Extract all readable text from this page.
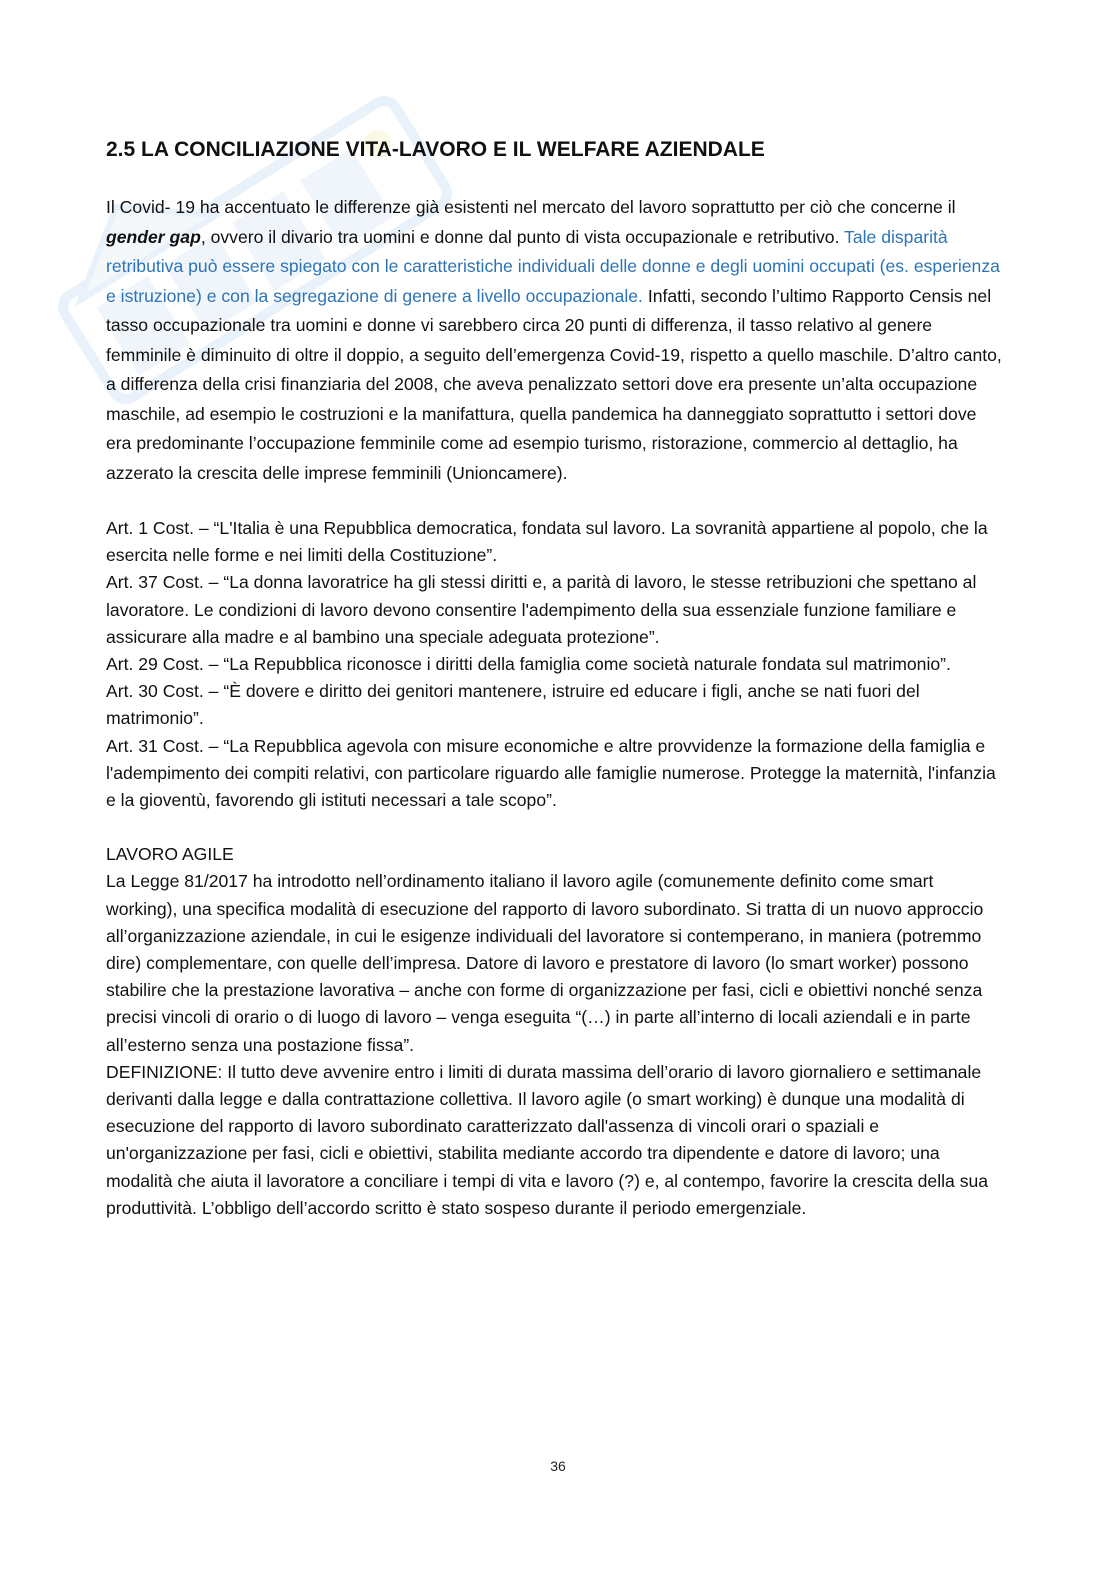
2.5 LA CONCILIAZIONE VITA-LAVORO E IL WELFARE AZIENDALE

Il Covid- 19 ha accentuato le differenze già esistenti nel mercato del lavoro soprattutto per ciò che concerne il gender gap, ovvero il divario tra uomini e donne dal punto di vista occupazionale e retributivo. Tale disparità retributiva può essere spiegato con le caratteristiche individuali delle donne e degli uomini occupati (es. esperienza e istruzione) e con la segregazione di genere a livello occupazionale. Infatti, secondo l’ultimo Rapporto Censis nel tasso occupazionale tra uomini e donne vi sarebbero circa 20 punti di differenza, il tasso relativo al genere femminile è diminuito di oltre il doppio, a seguito dell’emergenza Covid-19, rispetto a quello maschile. D’altro canto, a differenza della crisi finanziaria del 2008, che aveva penalizzato settori dove era presente un’alta occupazione maschile, ad esempio le costruzioni e la manifattura, quella pandemica ha danneggiato soprattutto i settori dove era predominante l’occupazione femminile come ad esempio turismo, ristorazione, commercio al dettaglio, ha azzerato la crescita delle imprese femminili (Unioncamere).

Art. 1 Cost. – “L'Italia è una Repubblica democratica, fondata sul lavoro. La sovranità appartiene al popolo, che la esercita nelle forme e nei limiti della Costituzione”.
Art. 37 Cost. – “La donna lavoratrice ha gli stessi diritti e, a parità di lavoro, le stesse retribuzioni che spettano al lavoratore. Le condizioni di lavoro devono consentire l'adempimento della sua essenziale funzione familiare e assicurare alla madre e al bambino una speciale adeguata protezione”.
Art. 29 Cost. – “La Repubblica riconosce i diritti della famiglia come società naturale fondata sul matrimonio”.
Art. 30 Cost. – “È dovere e diritto dei genitori mantenere, istruire ed educare i figli, anche se nati fuori del matrimonio”.
Art. 31 Cost. – “La Repubblica agevola con misure economiche e altre provvidenze la formazione della famiglia e l'adempimento dei compiti relativi, con particolare riguardo alle famiglie numerose. Protegge la maternità, l'infanzia e la gioventù, favorendo gli istituti necessari a tale scopo”.
LAVORO AGILE
La Legge 81/2017 ha introdotto nell’ordinamento italiano il lavoro agile (comunemente definito come smart working), una specifica modalità di esecuzione del rapporto di lavoro subordinato. Si tratta di un nuovo approccio all’organizzazione aziendale, in cui le esigenze individuali del lavoratore si contemperano, in maniera (potremmo dire) complementare, con quelle dell’impresa. Datore di lavoro e prestatore di lavoro (lo smart worker) possono stabilire che la prestazione lavorativa – anche con forme di organizzazione per fasi, cicli e obiettivi nonché senza precisi vincoli di orario o di luogo di lavoro – venga eseguita “(…) in parte all’interno di locali aziendali e in parte all’esterno senza una postazione fissa”.
DEFINIZIONE: Il tutto deve avvenire entro i limiti di durata massima dell’orario di lavoro giornaliero e settimanale derivanti dalla legge e dalla contrattazione collettiva. Il lavoro agile (o smart working) è dunque una modalità di esecuzione del rapporto di lavoro subordinato caratterizzato dall'assenza di vincoli orari o spaziali e un'organizzazione per fasi, cicli e obiettivi, stabilita mediante accordo tra dipendente e datore di lavoro; una modalità che aiuta il lavoratore a conciliare i tempi di vita e lavoro (?) e, al contempo, favorire la crescita della sua produttività. L’obbligo dell’accordo scritto è stato sospeso durante il periodo emergenziale.
36
